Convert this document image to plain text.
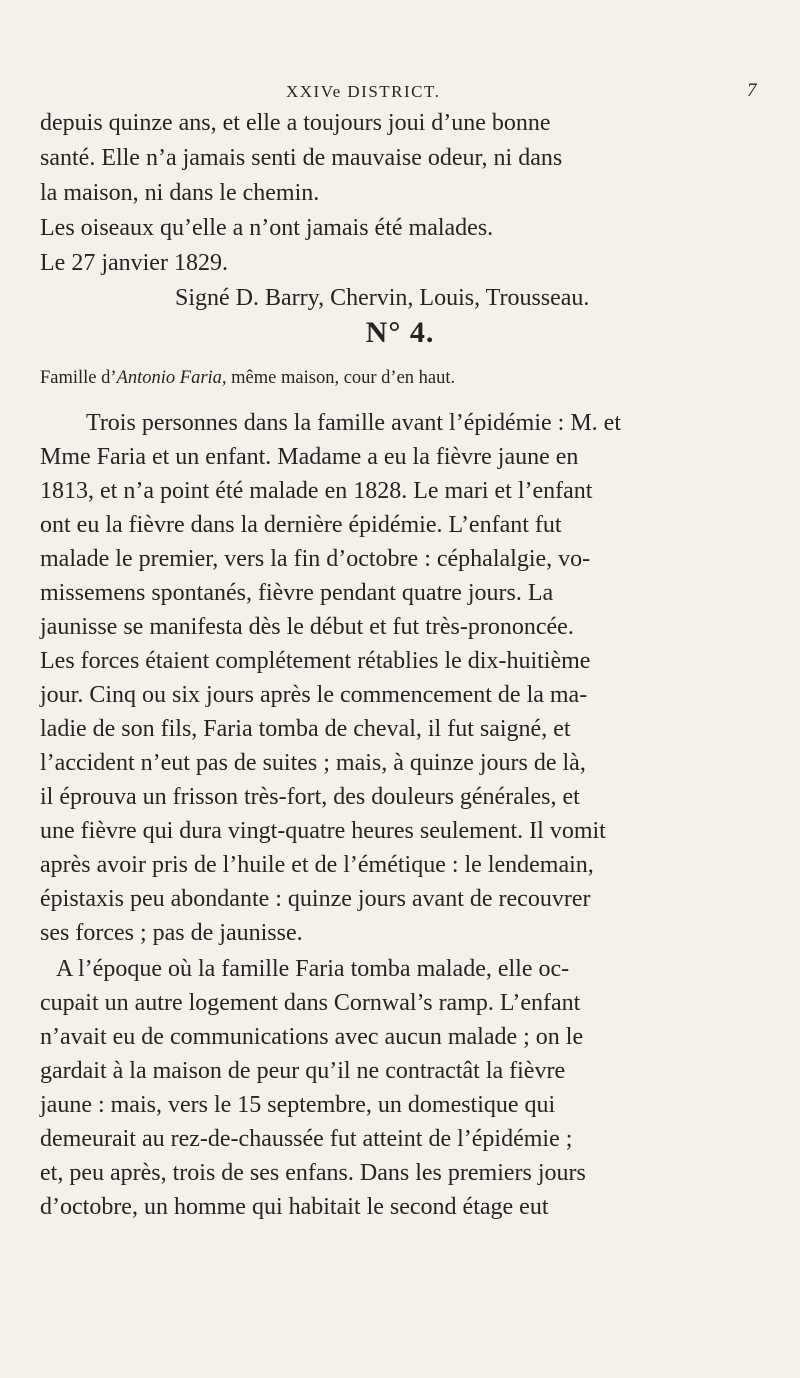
XXIVe DISTRICT.	7
depuis quinze ans, et elle a toujours joui d’une bonne
santé. Elle n’a jamais senti de mauvaise odeur, ni dans
la maison, ni dans le chemin.
Les oiseaux qu’elle a n’ont jamais été malades.
Le 27 janvier 1829.
Signé D. Barry, Chervin, Louis, Trousseau.
N° 4.
Famille d’Antonio Faria, même maison, cour d’en haut.
Trois personnes dans la famille avant l’épidémie : M. et
Mme Faria et un enfant. Madame a eu la fièvre jaune en
1813, et n’a point été malade en 1828. Le mari et l’enfant
ont eu la fièvre dans la dernière épidémie. L’enfant fut
malade le premier, vers la fin d’octobre : céphalalgie, vo-
missemens spontanés, fièvre pendant quatre jours. La
jaunisse se manifesta dès le début et fut très-prononcée.
Les forces étaient complétement rétablies le dix-huitième
jour. Cinq ou six jours après le commencement de la ma-
ladie de son fils, Faria tomba de cheval, il fut saigné, et
l’accident n’eut pas de suites ; mais, à quinze jours de là,
il éprouva un frisson très-fort, des douleurs générales, et
une fièvre qui dura vingt-quatre heures seulement. Il vomit
après avoir pris de l’huile et de l’émétique : le lendemain,
épistaxis peu abondante : quinze jours avant de recouvrer
ses forces ; pas de jaunisse.
A l’époque où la famille Faria tomba malade, elle oc-
cupait un autre logement dans Cornwal’s ramp. L’enfant
n’avait eu de communications avec aucun malade ; on le
gardait à la maison de peur qu’il ne contractât la fièvre
jaune : mais, vers le 15 septembre, un domestique qui
demeurait au rez-de-chaussée fut atteint de l’épidémie ;
et, peu après, trois de ses enfans. Dans les premiers jours
d’octobre, un homme qui habitait le second étage eut
